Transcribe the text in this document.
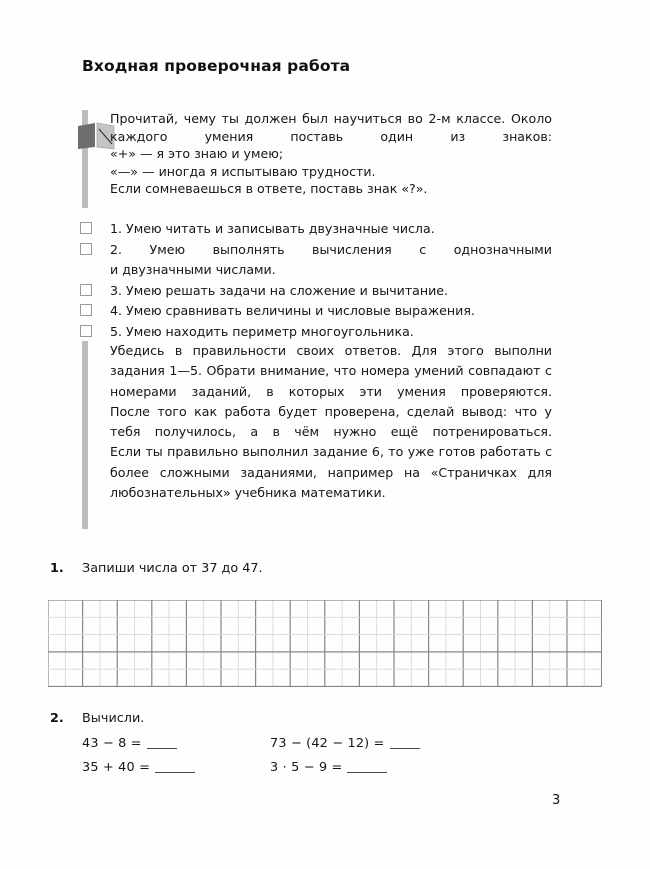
Входная проверочная работа

Прочитай, чему ты должен был научиться во 2-м классе. Около каждого умения поставь один из знаков:

«+» — я это знаю и умею;

«—» — иногда я испытываю трудности.

Если сомневаешься в ответе, поставь знак «?».

1. Умею читать и записывать двузначные числа.
2. Умею выполнять вычисления с однозначными
и двузначными числами.
3. Умею решать задачи на сложение и вычитание.
4. Умею сравнивать величины и числовые выражения.
5. Умею находить периметр многоугольника.

Убедись в правильности своих ответов. Для этого выполни задания 1—5. Обрати внимание, что номера умений совпадают с номерами заданий, в которых эти умения проверяются.

После того как работа будет проверена, сделай вывод: что у тебя получилось, а в чём нужно ещё потренироваться.

Если ты правильно выполнил задание 6, то уже готов работать с более сложными заданиями, например на «Страничках для любознательных» учебника математики.

1. Запиши числа от 37 до 47.
2. Вычисли.
43 − 8 =	73 − (42 − 12) =
35 + 40 =	3 · 5 − 9 =
3
